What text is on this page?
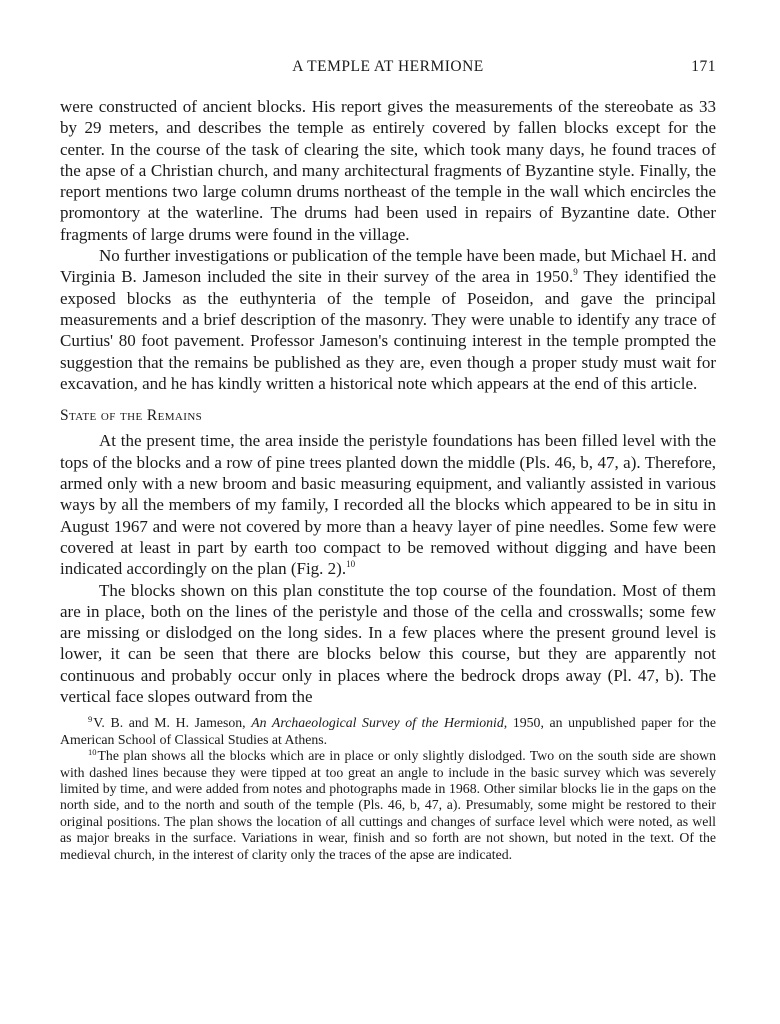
A TEMPLE AT HERMIONE	171

were constructed of ancient blocks. His report gives the measurements of the stereobate as 33 by 29 meters, and describes the temple as entirely covered by fallen blocks except for the center. In the course of the task of clearing the site, which took many days, he found traces of the apse of a Christian church, and many architectural fragments of Byzantine style. Finally, the report mentions two large column drums northeast of the temple in the wall which encircles the promontory at the waterline. The drums had been used in repairs of Byzantine date. Other fragments of large drums were found in the village.

No further investigations or publication of the temple have been made, but Michael H. and Virginia B. Jameson included the site in their survey of the area in 1950.$^9$ They identified the exposed blocks as the euthynteria of the temple of Poseidon, and gave the principal measurements and a brief description of the masonry. They were unable to identify any trace of Curtius' 80 foot pavement. Professor Jameson's continuing interest in the temple prompted the suggestion that the remains be published as they are, even though a proper study must wait for excavation, and he has kindly written a historical note which appears at the end of this article.

State of the Remains

At the present time, the area inside the peristyle foundations has been filled level with the tops of the blocks and a row of pine trees planted down the middle (Pls. 46, b, 47, a). Therefore, armed only with a new broom and basic measuring equipment, and valiantly assisted in various ways by all the members of my family, I recorded all the blocks which appeared to be in situ in August 1967 and were not covered by more than a heavy layer of pine needles. Some few were covered at least in part by earth too compact to be removed without digging and have been indicated accordingly on the plan (Fig. 2).$^{10}$

The blocks shown on this plan constitute the top course of the foundation. Most of them are in place, both on the lines of the peristyle and those of the cella and crosswalls; some few are missing or dislodged on the long sides. In a few places where the present ground level is lower, it can be seen that there are blocks below this course, but they are apparently not continuous and probably occur only in places where the bedrock drops away (Pl. 47, b). The vertical face slopes outward from the

$^9$V. B. and M. H. Jameson, An Archaeological Survey of the Hermionid, 1950, an unpublished paper for the American School of Classical Studies at Athens.

$^{10}$The plan shows all the blocks which are in place or only slightly dislodged. Two on the south side are shown with dashed lines because they were tipped at too great an angle to include in the basic survey which was severely limited by time, and were added from notes and photographs made in 1968. Other similar blocks lie in the gaps on the north side, and to the north and south of the temple (Pls. 46, b, 47, a). Presumably, some might be restored to their original positions. The plan shows the location of all cuttings and changes of surface level which were noted, as well as major breaks in the surface. Variations in wear, finish and so forth are not shown, but noted in the text. Of the medieval church, in the interest of clarity only the traces of the apse are indicated.
